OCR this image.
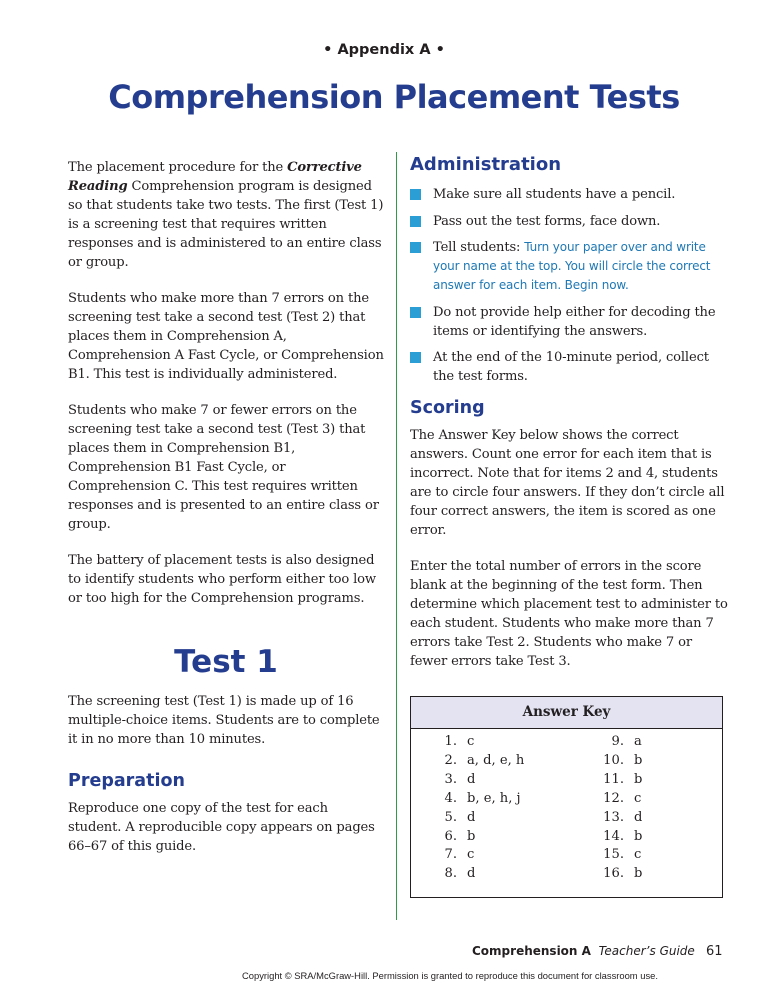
• Appendix A •
Comprehension Placement Tests

The placement procedure for the Corrective Reading Comprehension program is designed so that students take two tests. The first (Test 1) is a screening test that requires written responses and is administered to an entire class or group.

Students who make more than 7 errors on the screening test take a second test (Test 2) that places them in Comprehension A, Comprehension A Fast Cycle, or Comprehension B1. This test is individually administered.

Students who make 7 or fewer errors on the screening test take a second test (Test 3) that places them in Comprehension B1, Comprehension B1 Fast Cycle, or Comprehension C. This test requires written responses and is presented to an entire class or group.

The battery of placement tests is also designed to identify students who perform either too low or too high for the Comprehension programs.

Test 1

The screening test (Test 1) is made up of 16 multiple-choice items. Students are to complete it in no more than 10 minutes.

Preparation

Reproduce one copy of the test for each student. A reproducible copy appears on pages 66–67 of this guide.

Administration
Make sure all students have a pencil.
Pass out the test forms, face down.
Tell students: Turn your paper over and write your name at the top. You will circle the correct answer for each item. Begin now.
Do not provide help either for decoding the items or identifying the answers.
At the end of the 10-minute period, collect the test forms.
Scoring

The Answer Key below shows the correct answers. Count one error for each item that is incorrect. Note that for items 2 and 4, students are to circle four answers. If they don’t circle all four correct answers, the item is scored as one error.

Enter the total number of errors in the score blank at the beginning of the test form. Then determine which placement test to administer to each student. Students who make more than 7 errors take Test 2. Students who make 7 or fewer errors take Test 3.

Answer Key
1. c
2. a, d, e, h
3. d
4. b, e, h, j
5. d
6. b
7. c
8. d
9. a
10. b
11. b
12. c
13. d
14. b
15. c
16. b
Comprehension A Teacher’s Guide 61
Copyright © SRA/McGraw-Hill. Permission is granted to reproduce this document for classroom use.
